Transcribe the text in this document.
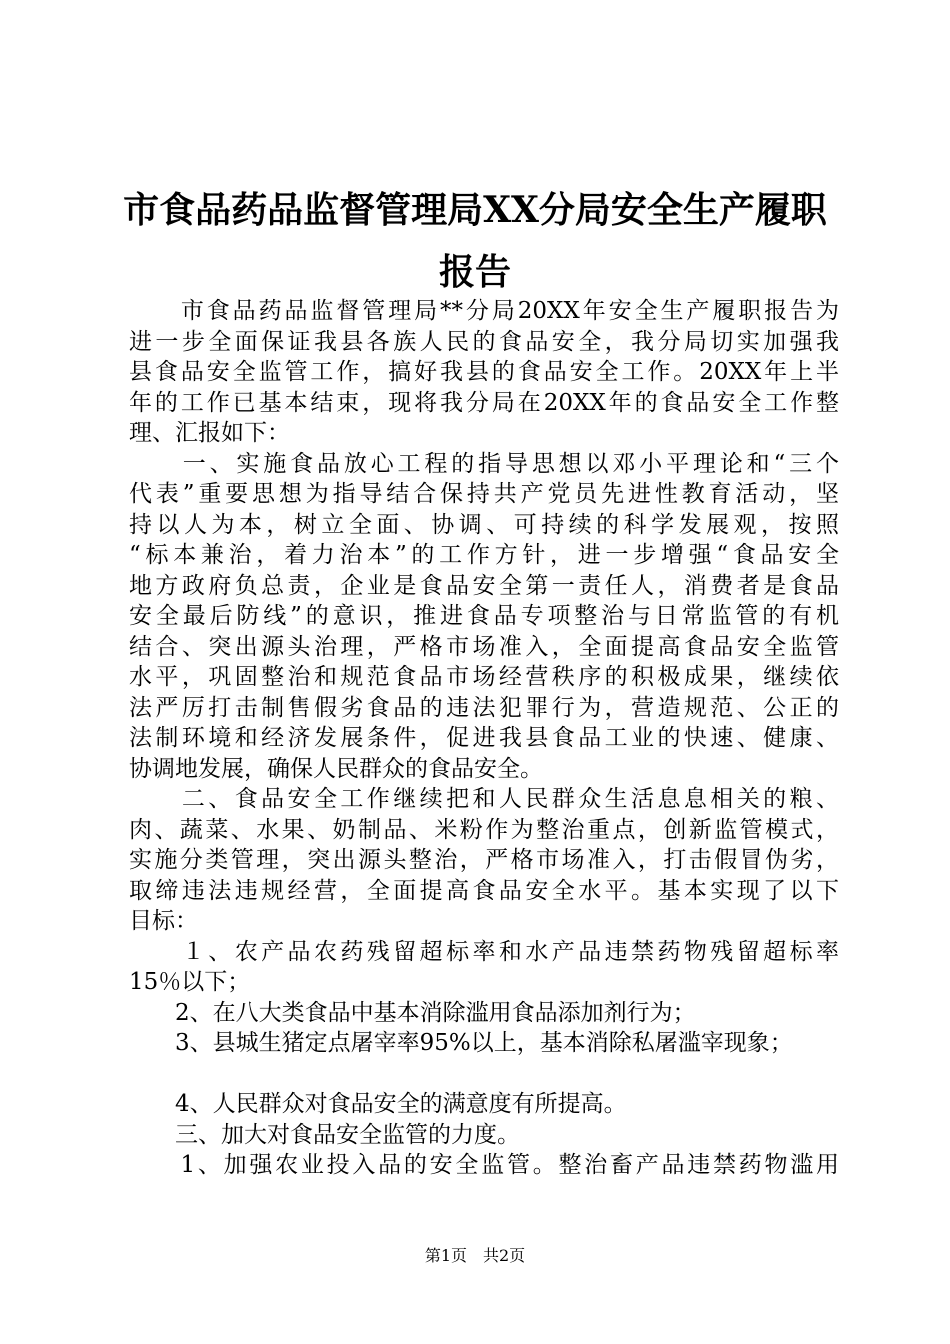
市食品药品监督管理局XX分局安全生产履职
报告
　　市食品药品监督管理局**分局20XX年安全生产履职报告为
进一步全面保证我县各族人民的食品安全，我分局切实加强我
县食品安全监管工作，搞好我县的食品安全工作。20XX年上半
年的工作已基本结束，现将我分局在20XX年的食品安全工作整
理、汇报如下：
　　一、实施食品放心工程的指导思想以邓小平理论和“三个
代表”重要思想为指导结合保持共产党员先进性教育活动，坚
持以人为本，树立全面、协调、可持续的科学发展观，按照
“标本兼治，着力治本”的工作方针，进一步增强“食品安全
地方政府负总责，企业是食品安全第一责任人，消费者是食品
安全最后防线”的意识，推进食品专项整治与日常监管的有机
结合、突出源头治理，严格市场准入，全面提高食品安全监管
水平，巩固整治和规范食品市场经营秩序的积极成果，继续依
法严厉打击制售假劣食品的违法犯罪行为，营造规范、公正的
法制环境和经济发展条件，促进我县食品工业的快速、健康、
协调地发展，确保人民群众的食品安全。
　　二、食品安全工作继续把和人民群众生活息息相关的粮、
肉、蔬菜、水果、奶制品、米粉作为整治重点，创新监管模式，
实施分类管理，突出源头整治，严格市场准入，打击假冒伪劣，
取缔违法违规经营，全面提高食品安全水平。基本实现了以下
目标：
　　１、农产品农药残留超标率和水产品违禁药物残留超标率
15％以下；
　　2、在八大类食品中基本消除滥用食品添加剂行为；
　　3、县城生猪定点屠宰率95%以上，基本消除私屠滥宰现象；
　　4、人民群众对食品安全的满意度有所提高。
　　三、加大对食品安全监管的力度。
　　1、加强农业投入品的安全监管。整治畜产品违禁药物滥用
第1页　共2页
